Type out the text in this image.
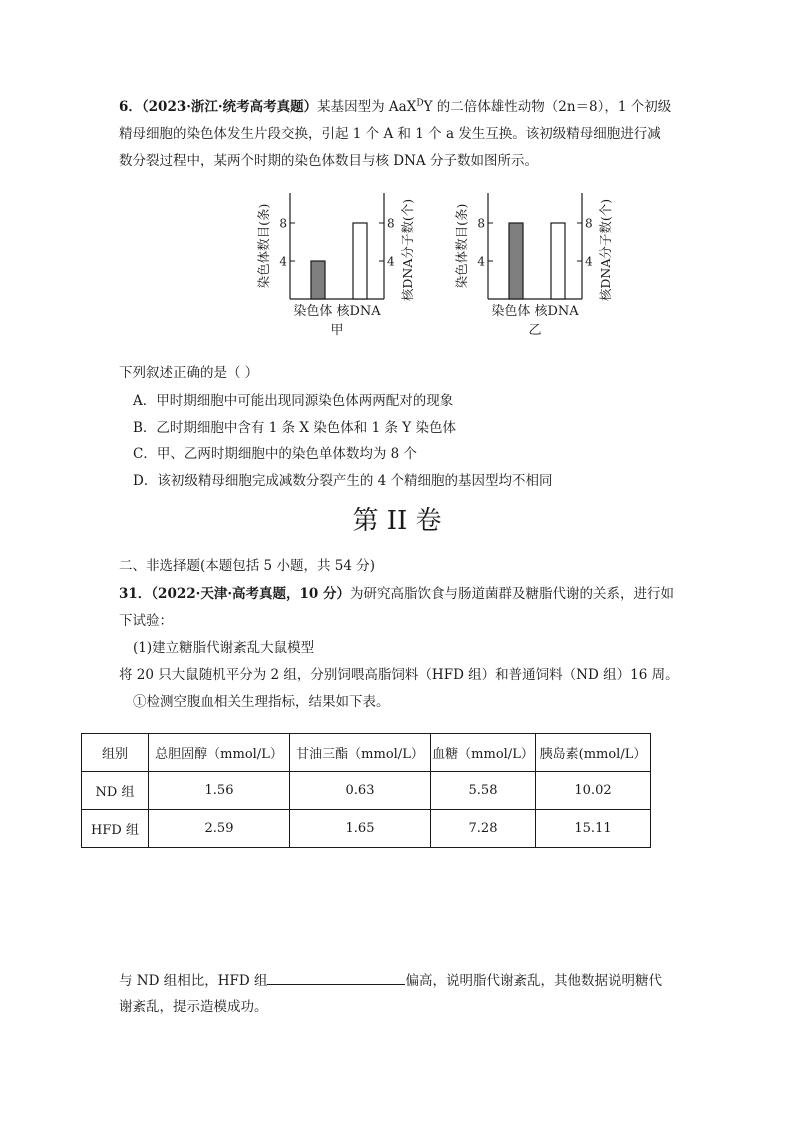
6．（2023·浙江·统考高考真题）某基因型为 AaX$^D$Y 的二倍体雄性动物（2n＝8），1 个初级
精母细胞的染色体发生片段交换，引起 1 个 A 和 1 个 a 发生互换。该初级精母细胞进行减
数分裂过程中，某两个时期的染色体数目与核 DNA 分子数如图所示。
4	4
8	8
染色体 核DNA
甲
染色体数目(条)	核DNA分子数(个)	4	4
8	8
染色体 核DNA
乙
染色体数目(条)	核DNA分子数(个)
下列叙述正确的是（ ）
A．甲时期细胞中可能出现同源染色体两两配对的现象
B．乙时期细胞中含有 1 条 X 染色体和 1 条 Y 染色体
C．甲、乙两时期细胞中的染色单体数均为 8 个
D．该初级精母细胞完成减数分裂产生的 4 个精细胞的基因型均不相同
第 II 卷
二、非选择题(本题包括 5 小题，共 54 分)
31．（2022·天津·高考真题，10 分）为研究高脂饮食与肠道菌群及糖脂代谢的关系，进行如
下试验：
(1)建立糖脂代谢紊乱大鼠模型
将 20 只大鼠随机平分为 2 组，分别饲喂高脂饲料（HFD 组）和普通饲料（ND 组）16 周。
①检测空腹血相关生理指标，结果如下表。
组别	总胆固醇（mmol/L）	甘油三酯（mmol/L）	血糖（mmol/L）	胰岛素(mmol/L）
ND 组	1.56	0.63	5.58	10.02
HFD 组	2.59	1.65	7.28	15.11
与 ND 组相比，HFD 组	偏高，说明脂代谢紊乱，其他数据说明糖代
谢紊乱，提示造模成功。
